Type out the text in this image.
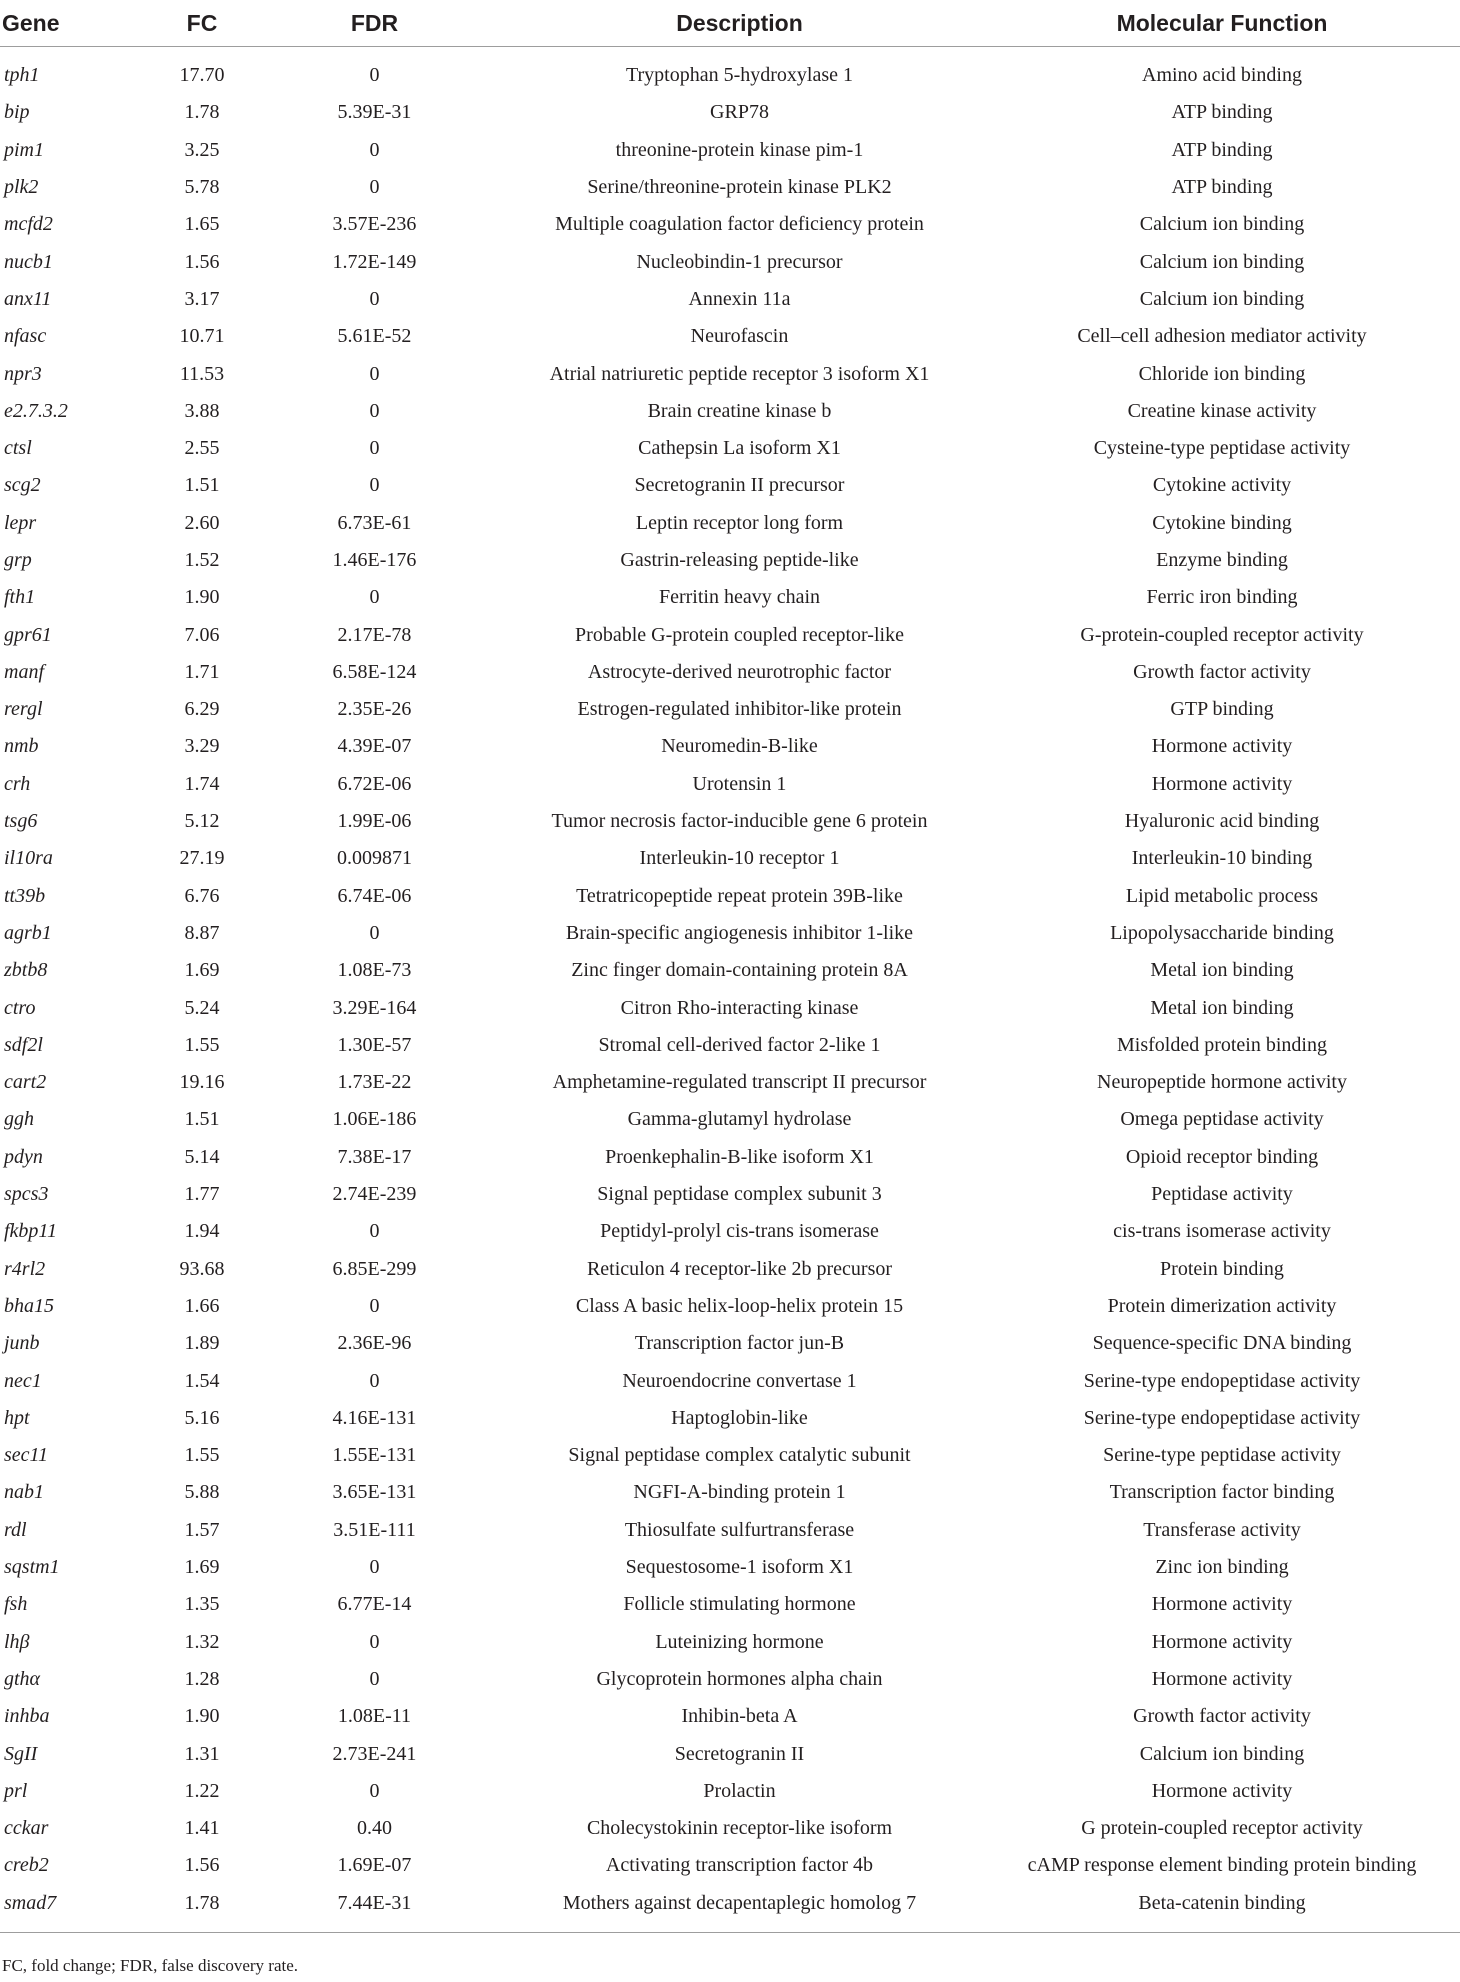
Gene	FC	FDR	Description	Molecular Function
tph1	17.70	0	Tryptophan 5-hydroxylase 1	Amino acid binding
bip	1.78	5.39E-31	GRP78	ATP binding
pim1	3.25	0	threonine-protein kinase pim-1	ATP binding
plk2	5.78	0	Serine/threonine-protein kinase PLK2	ATP binding
mcfd2	1.65	3.57E-236	Multiple coagulation factor deficiency protein	Calcium ion binding
nucb1	1.56	1.72E-149	Nucleobindin-1 precursor	Calcium ion binding
anx11	3.17	0	Annexin 11a	Calcium ion binding
nfasc	10.71	5.61E-52	Neurofascin	Cell–cell adhesion mediator activity
npr3	11.53	0	Atrial natriuretic peptide receptor 3 isoform X1	Chloride ion binding
e2.7.3.2	3.88	0	Brain creatine kinase b	Creatine kinase activity
ctsl	2.55	0	Cathepsin La isoform X1	Cysteine-type peptidase activity
scg2	1.51	0	Secretogranin II precursor	Cytokine activity
lepr	2.60	6.73E-61	Leptin receptor long form	Cytokine binding
grp	1.52	1.46E-176	Gastrin-releasing peptide-like	Enzyme binding
fth1	1.90	0	Ferritin heavy chain	Ferric iron binding
gpr61	7.06	2.17E-78	Probable G-protein coupled receptor-like	G-protein-coupled receptor activity
manf	1.71	6.58E-124	Astrocyte-derived neurotrophic factor	Growth factor activity
rergl	6.29	2.35E-26	Estrogen-regulated inhibitor-like protein	GTP binding
nmb	3.29	4.39E-07	Neuromedin-B-like	Hormone activity
crh	1.74	6.72E-06	Urotensin 1	Hormone activity
tsg6	5.12	1.99E-06	Tumor necrosis factor-inducible gene 6 protein	Hyaluronic acid binding
il10ra	27.19	0.009871	Interleukin-10 receptor 1	Interleukin-10 binding
tt39b	6.76	6.74E-06	Tetratricopeptide repeat protein 39B-like	Lipid metabolic process
agrb1	8.87	0	Brain-specific angiogenesis inhibitor 1-like	Lipopolysaccharide binding
zbtb8	1.69	1.08E-73	Zinc finger domain-containing protein 8A	Metal ion binding
ctro	5.24	3.29E-164	Citron Rho-interacting kinase	Metal ion binding
sdf2l	1.55	1.30E-57	Stromal cell-derived factor 2-like 1	Misfolded protein binding
cart2	19.16	1.73E-22	Amphetamine-regulated transcript II precursor	Neuropeptide hormone activity
ggh	1.51	1.06E-186	Gamma-glutamyl hydrolase	Omega peptidase activity
pdyn	5.14	7.38E-17	Proenkephalin-B-like isoform X1	Opioid receptor binding
spcs3	1.77	2.74E-239	Signal peptidase complex subunit 3	Peptidase activity
fkbp11	1.94	0	Peptidyl-prolyl cis-trans isomerase	cis-trans isomerase activity
r4rl2	93.68	6.85E-299	Reticulon 4 receptor-like 2b precursor	Protein binding
bha15	1.66	0	Class A basic helix-loop-helix protein 15	Protein dimerization activity
junb	1.89	2.36E-96	Transcription factor jun-B	Sequence-specific DNA binding
nec1	1.54	0	Neuroendocrine convertase 1	Serine-type endopeptidase activity
hpt	5.16	4.16E-131	Haptoglobin-like	Serine-type endopeptidase activity
sec11	1.55	1.55E-131	Signal peptidase complex catalytic subunit	Serine-type peptidase activity
nab1	5.88	3.65E-131	NGFI-A-binding protein 1	Transcription factor binding
rdl	1.57	3.51E-111	Thiosulfate sulfurtransferase	Transferase activity
sqstm1	1.69	0	Sequestosome-1 isoform X1	Zinc ion binding
fsh	1.35	6.77E-14	Follicle stimulating hormone	Hormone activity
lhβ	1.32	0	Luteinizing hormone	Hormone activity
gthα	1.28	0	Glycoprotein hormones alpha chain	Hormone activity
inhba	1.90	1.08E-11	Inhibin-beta A	Growth factor activity
SgII	1.31	2.73E-241	Secretogranin II	Calcium ion binding
prl	1.22	0	Prolactin	Hormone activity
cckar	1.41	0.40	Cholecystokinin receptor-like isoform	G protein-coupled receptor activity
creb2	1.56	1.69E-07	Activating transcription factor 4b	cAMP response element binding protein binding
smad7	1.78	7.44E-31	Mothers against decapentaplegic homolog 7	Beta-catenin binding
FC, fold change; FDR, false discovery rate.
